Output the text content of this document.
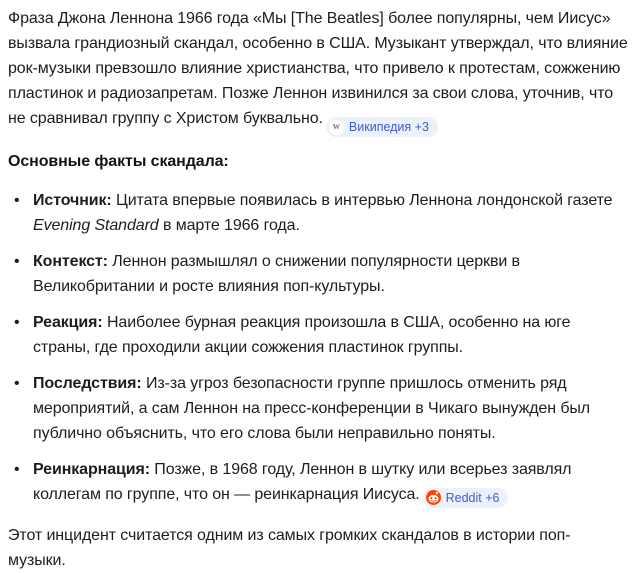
Фраза Джона Леннона 1966 года «Мы [The Beatles] более популярны, чем Иисус» вызвала грандиозный скандал, особенно в США. Музыкант утверждал, что влияние рок-музыки превзошло влияние христианства, что привело к протестам, сожжению пластинок и радиозапретам. Позже Леннон извинился за свои слова, уточнив, что не сравнивал группу с Христом буквально. w Википедия +3

Основные факты скандала:
• Источник: Цитата впервые появилась в интервью Леннона лондонской газете Evening Standard в марте 1966 года.
• Контекст: Леннон размышлял о снижении популярности церкви в Великобритании и росте влияния поп-культуры.
• Реакция: Наиболее бурная реакция произошла в США, особенно на юге страны, где проходили акции сожжения пластинок группы.
• Последствия: Из-за угроз безопасности группе пришлось отменить ряд мероприятий, а сам Леннон на пресс-конференции в Чикаго вынужден был публично объяснить, что его слова были неправильно поняты.
• Реинкарнация: Позже, в 1968 году, Леннон в шутку или всерьез заявлял коллегам по группе, что он — реинкарнация Иисуса. Reddit +6

Этот инцидент считается одним из самых громких скандалов в истории поп-музыки.
